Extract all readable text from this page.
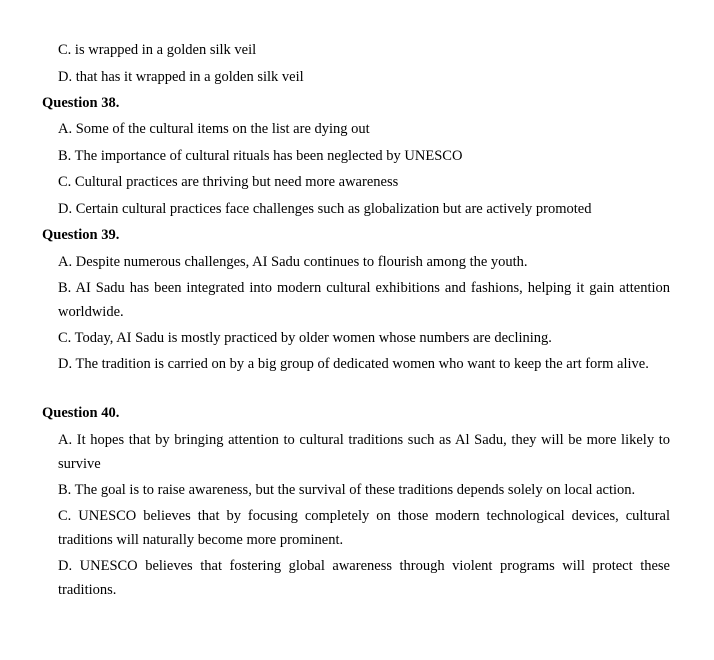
C. is wrapped in a golden silk veil
D. that has it wrapped in a golden silk veil
Question 38.
A. Some of the cultural items on the list are dying out
B. The importance of cultural rituals has been neglected by UNESCO
C. Cultural practices are thriving but need more awareness
D. Certain cultural practices face challenges such as globalization but are actively promoted
Question 39.
A. Despite numerous challenges, AI Sadu continues to flourish among the youth.
B. AI Sadu has been integrated into modern cultural exhibitions and fashions, helping it gain attention worldwide.
C. Today, AI Sadu is mostly practiced by older women whose numbers are declining.
D. The tradition is carried on by a big group of dedicated women who want to keep the art form alive.
Question 40.
A. It hopes that by bringing attention to cultural traditions such as Al Sadu, they will be more likely to survive
B. The goal is to raise awareness, but the survival of these traditions depends solely on local action.
C. UNESCO believes that by focusing completely on those modern technological devices, cultural traditions will naturally become more prominent.
D. UNESCO believes that fostering global awareness through violent programs will protect these traditions.
